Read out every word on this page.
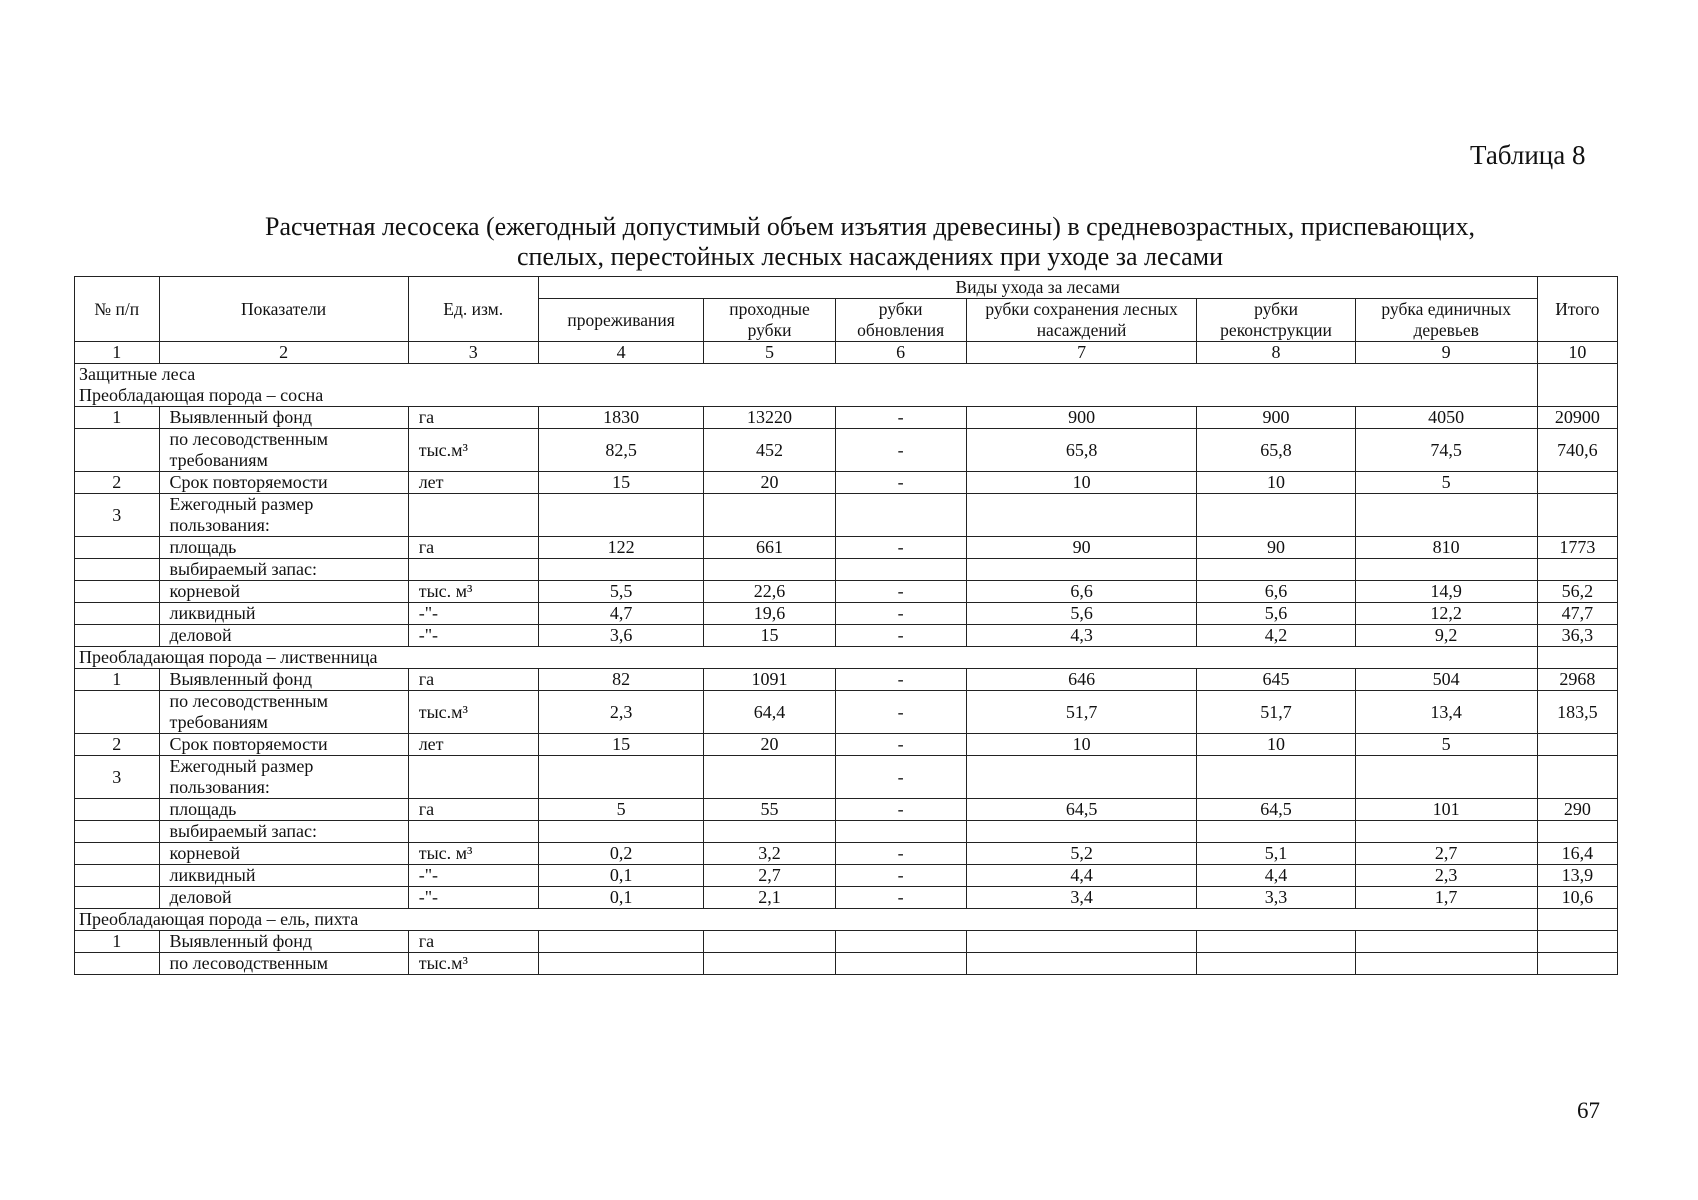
Таблица 8
Расчетная лесосека (ежегодный допустимый объем изъятия древесины) в средневозрастных, приспевающих,
спелых, перестойных лесных насаждениях при уходе за лесами
№ п/п	Показатели	Ед. изм.	Виды ухода за лесами						Итого
			прореживания	проходные рубки	рубки обновления	рубки сохранения лесных насаждений	рубки реконструкции	рубка единичных деревьев	
1	2	3	4	5	6	7	8	9	10
Защитные леса									
Преобладающая порода – сосна									
1	Выявленный фонд	га	1830	13220	-	900	900	4050	20900
	по лесоводственным требованиям	тыс.м³	82,5	452	-	65,8	65,8	74,5	740,6
2	Срок повторяемости	лет	15	20	-	10	10	5	
3	Ежегодный размер пользования:								
	площадь	га	122	661	-	90	90	810	1773
	выбираемый запас:								
	корневой	тыс. м³	5,5	22,6	-	6,6	6,6	14,9	56,2
	ликвидный	-"-	4,7	19,6	-	5,6	5,6	12,2	47,7
	деловой	-"-	3,6	15	-	4,3	4,2	9,2	36,3
Преобладающая порода – лиственница									
1	Выявленный фонд	га	82	1091	-	646	645	504	2968
	по лесоводственным требованиям	тыс.м³	2,3	64,4	-	51,7	51,7	13,4	183,5
2	Срок повторяемости	лет	15	20	-	10	10	5	
3	Ежегодный размер пользования:				-				
	площадь	га	5	55	-	64,5	64,5	101	290
	выбираемый запас:								
	корневой	тыс. м³	0,2	3,2	-	5,2	5,1	2,7	16,4
	ликвидный	-"-	0,1	2,7	-	4,4	4,4	2,3	13,9
	деловой	-"-	0,1	2,1	-	3,4	3,3	1,7	10,6
Преобладающая порода – ель, пихта									
1	Выявленный фонд	га							
	по лесоводственным	тыс.м³							
67
